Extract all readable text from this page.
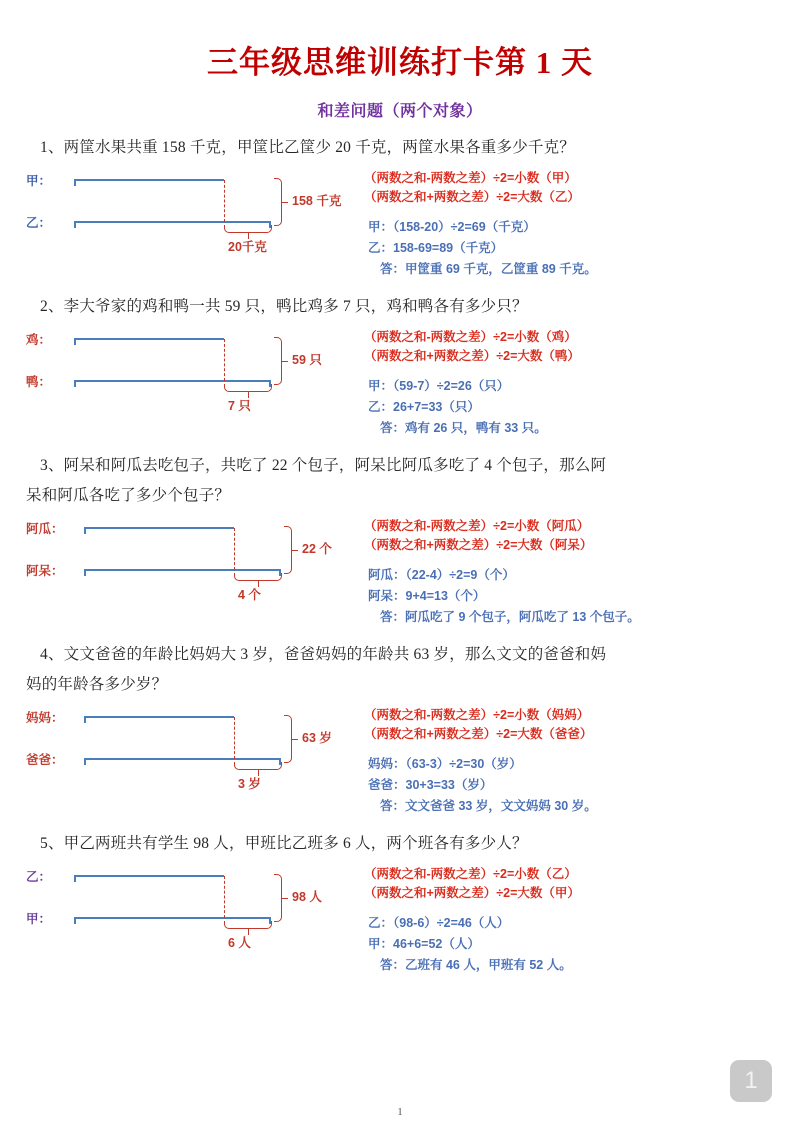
三年级思维训练打卡第 1 天
和差问题（两个对象）

1、两筐水果共重 158 千克，甲筐比乙筐少 20 千克，两筐水果各重多少千克？

甲：
乙：
158 千克
20千克
（两数之和-两数之差）÷2=小数（甲）
（两数之和+两数之差）÷2=大数（乙）
甲：（158-20）÷2=69（千克）
乙：158-69=89（千克）
答：甲筐重 69 千克，乙筐重 89 千克。

2、李大爷家的鸡和鸭一共 59 只，鸭比鸡多 7 只，鸡和鸭各有多少只？

鸡：
鸭：
59 只
7 只
（两数之和-两数之差）÷2=小数（鸡）
（两数之和+两数之差）÷2=大数（鸭）
甲：（59-7）÷2=26（只）
乙：26+7=33（只）
答：鸡有 26 只，鸭有 33 只。

3、阿呆和阿瓜去吃包子，共吃了 22 个包子，阿呆比阿瓜多吃了 4 个包子，那么阿
呆和阿瓜各吃了多少个包子？

阿瓜：
阿呆：
22 个
4 个
（两数之和-两数之差）÷2=小数（阿瓜）
（两数之和+两数之差）÷2=大数（阿呆）
阿瓜：（22-4）÷2=9（个）
阿呆：9+4=13（个）
答：阿瓜吃了 9 个包子，阿瓜吃了 13 个包子。

4、文文爸爸的年龄比妈妈大 3 岁，爸爸妈妈的年龄共 63 岁，那么文文的爸爸和妈
妈的年龄各多少岁？

妈妈：
爸爸：
63 岁
3 岁
（两数之和-两数之差）÷2=小数（妈妈）
（两数之和+两数之差）÷2=大数（爸爸）
妈妈：（63-3）÷2=30（岁）
爸爸：30+3=33（岁）
答：文文爸爸 33 岁，文文妈妈 30 岁。

5、甲乙两班共有学生 98 人，甲班比乙班多 6 人，两个班各有多少人？

乙：
甲：
98 人
6 人
（两数之和-两数之差）÷2=小数（乙）
（两数之和+两数之差）÷2=大数（甲）
乙：（98-6）÷2=46（人）
甲：46+6=52（人）
答：乙班有 46 人，甲班有 52 人。
1
1
